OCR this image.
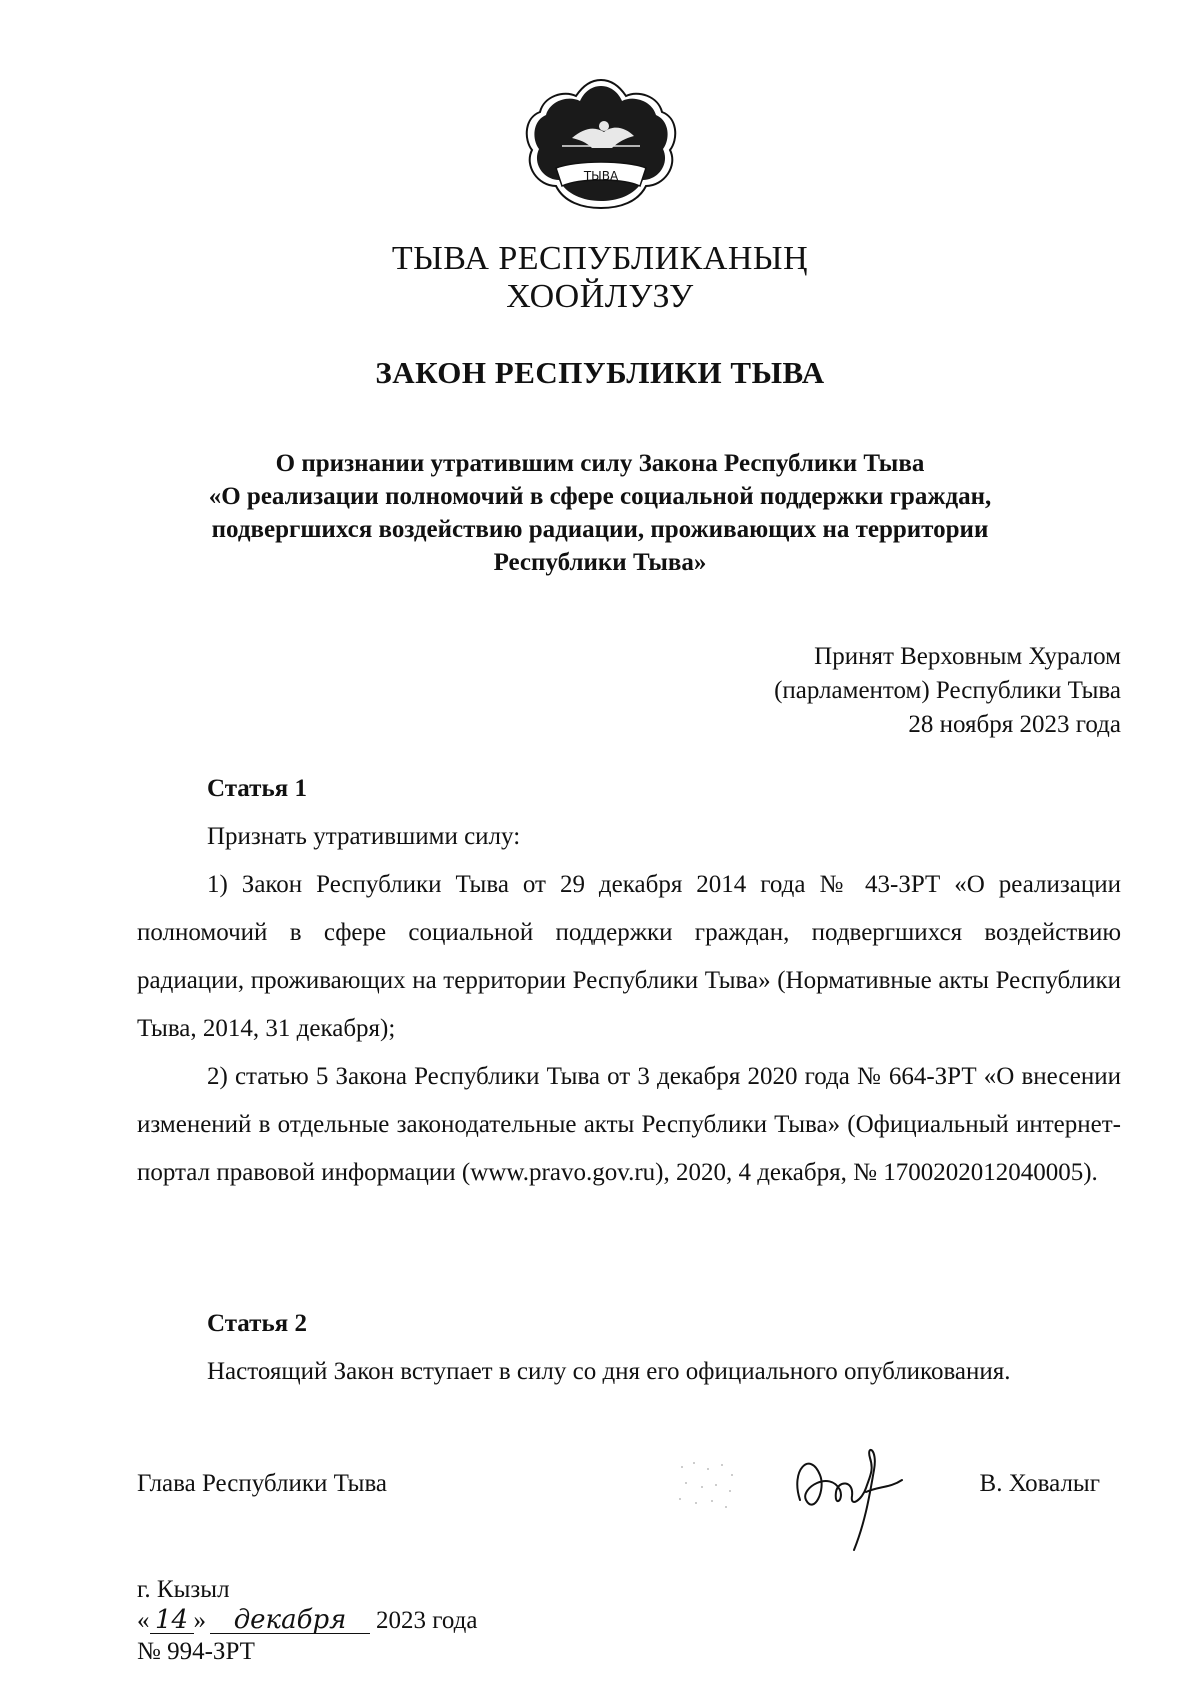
ТЫВА
ТЫВА РЕСПУБЛИКАНЫҢ
ХООЙЛУЗУ
ЗАКОН РЕСПУБЛИКИ ТЫВА
О признании утратившим силу Закона Республики Тыва
«О реализации полномочий в сфере социальной поддержки граждан,
подвергшихся воздействию радиации, проживающих на территории
Республики Тыва»
Принят Верховным Хуралом
(парламентом) Республики Тыва
28 ноября 2023 года
Статья 1
Признать утратившими силу:
1) Закон Республики Тыва от 29 декабря 2014 года № 43-ЗРТ «О реализации полномочий в сфере социальной поддержки граждан, подвергшихся воздействию радиации, проживающих на территории Республики Тыва» (Нормативные акты Республики Тыва, 2014, 31 декабря);
2) статью 5 Закона Республики Тыва от 3 декабря 2020 года № 664-ЗРТ «О внесении изменений в отдельные законодательные акты Республики Тыва» (Официальный интернет-портал правовой информации (www.pravo.gov.ru), 2020, 4 декабря, № 1700202012040005).
Статья 2
Настоящий Закон вступает в силу со дня его официального опубликования.
Глава Республики Тыва	В. Ховалыг
г. Кызыл
« 14 » декабря 2023 года
№ 994-ЗРТ
